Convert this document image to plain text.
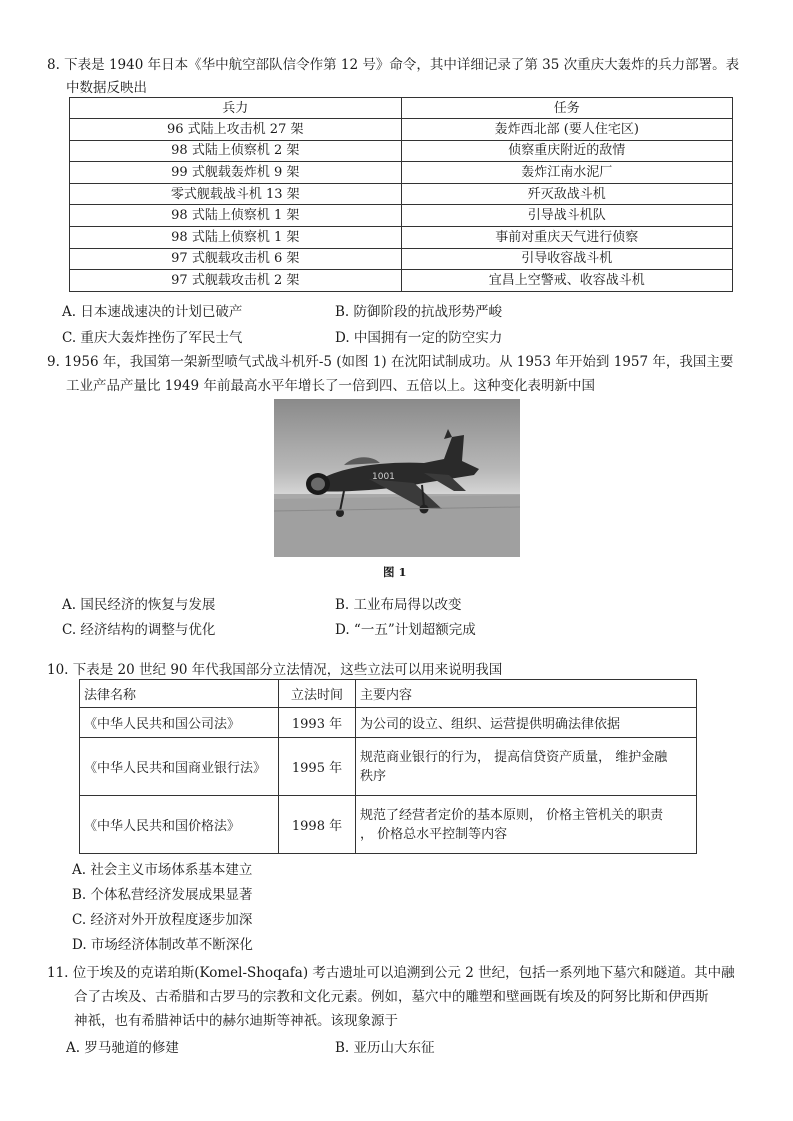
8. 下表是 1940 年日本《华中航空部队信令作第 12 号》命令，其中详细记录了第 35 次重庆大轰炸的兵力部署。表
中数据反映出
兵力	任务
96 式陆上攻击机 27 架	轰炸西北部 (要人住宅区)
98 式陆上侦察机 2 架	侦察重庆附近的敌情
99 式舰载轰炸机 9 架	轰炸江南水泥厂
零式舰载战斗机 13 架	歼灭敌战斗机
98 式陆上侦察机 1 架	引导战斗机队
98 式陆上侦察机 1 架	事前对重庆天气进行侦察
97 式舰载攻击机 6 架	引导收容战斗机
97 式舰载攻击机 2 架	宜昌上空警戒、收容战斗机
A. 日本速战速决的计划已破产	B. 防御阶段的抗战形势严峻
C. 重庆大轰炸挫伤了军民士气	D. 中国拥有一定的防空实力
9. 1956 年，我国第一架新型喷气式战斗机歼-5 (如图 1) 在沈阳试制成功。从 1953 年开始到 1957 年，我国主要
工业产品产量比 1949 年前最高水平年增长了一倍到四、五倍以上。这种变化表明新中国
1001
图 1
A. 国民经济的恢复与发展	B. 工业布局得以改变
C. 经济结构的调整与优化	D. “一五”计划超额完成
10. 下表是 20 世纪 90 年代我国部分立法情况，这些立法可以用来说明我国
法律名称	立法时间	主要内容
《中华人民共和国公司法》	1993 年	为公司的设立、组织、运营提供明确法律依据
《中华人民共和国商业银行法》	1995 年	规范商业银行的行为， 提高信贷资产质量， 维护金融
秩序

《中华人民共和国价格法》	1998 年	规范了经营者定价的基本原则， 价格主管机关的职责
， 价格总水平控制等内容
A. 社会主义市场体系基本建立
B. 个体私营经济发展成果显著
C. 经济对外开放程度逐步加深
D. 市场经济体制改革不断深化
11. 位于埃及的克诺珀斯(Komel-Shoqafa) 考古遗址可以追溯到公元 2 世纪，包括一系列地下墓穴和隧道。其中融
合了古埃及、古希腊和古罗马的宗教和文化元素。例如，墓穴中的雕塑和壁画既有埃及的阿努比斯和伊西斯
神祇，也有希腊神话中的赫尔迪斯等神祇。该现象源于
A. 罗马驰道的修建	B. 亚历山大东征
